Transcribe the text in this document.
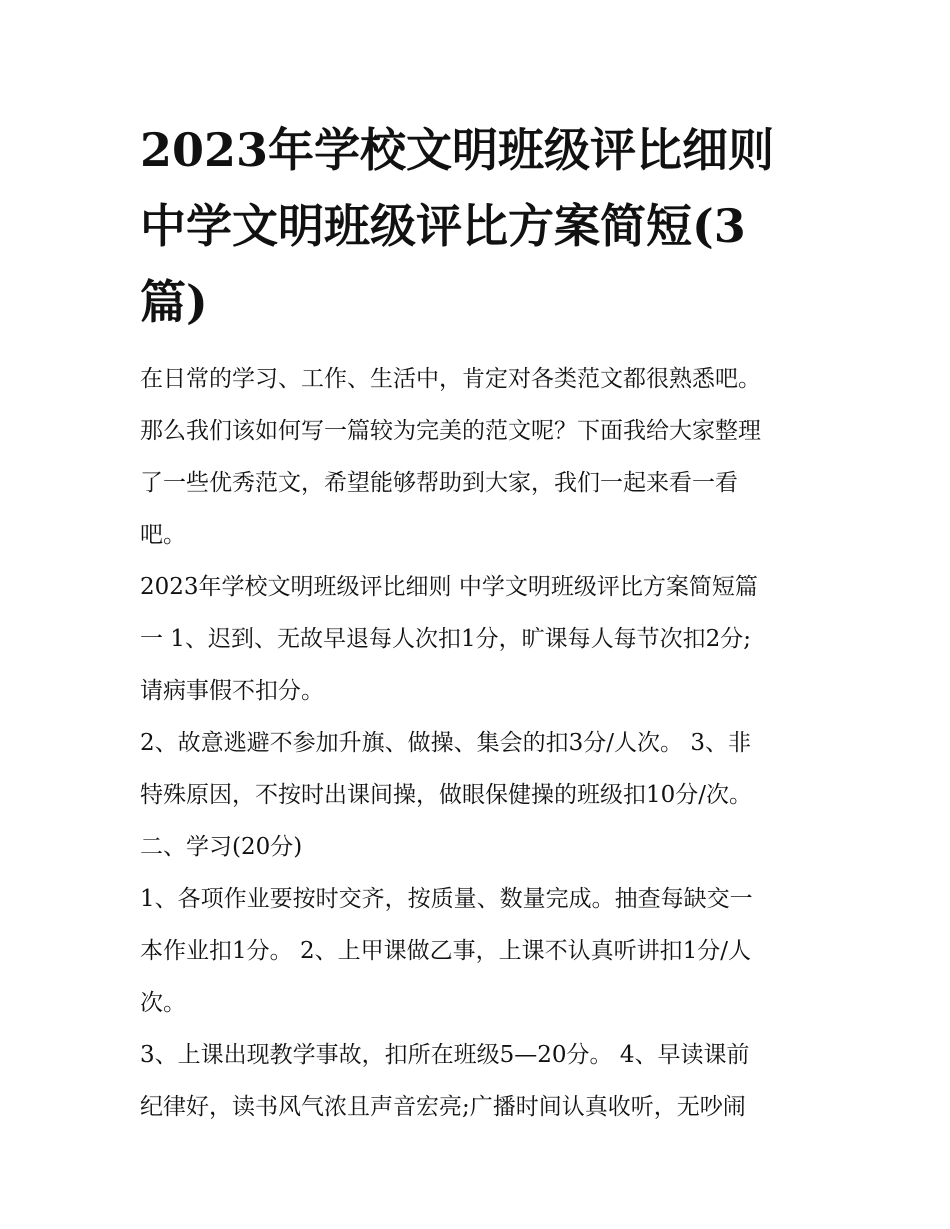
2023年学校文明班级评比细则
中学文明班级评比方案简短(3
篇)

在日常的学习、工作、生活中，肯定对各类范文都很熟悉吧。
那么我们该如何写一篇较为完美的范文呢？下面我给大家整理
了一些优秀范文，希望能够帮助到大家，我们一起来看一看
吧。

2023年学校文明班级评比细则 中学文明班级评比方案简短篇
一 1、迟到、无故早退每人次扣1分，旷课每人每节次扣2分;
请病事假不扣分。

2、故意逃避不参加升旗、做操、集会的扣3分/人次。 3、非
特殊原因，不按时出课间操，做眼保健操的班级扣10分/次。

二、学习(20分)

1、各项作业要按时交齐，按质量、数量完成。抽查每缺交一
本作业扣1分。 2、上甲课做乙事，上课不认真听讲扣1分/人
次。

3、上课出现教学事故，扣所在班级5—20分。 4、早读课前
纪律好，读书风气浓且声音宏亮;广播时间认真收听，无吵闹
